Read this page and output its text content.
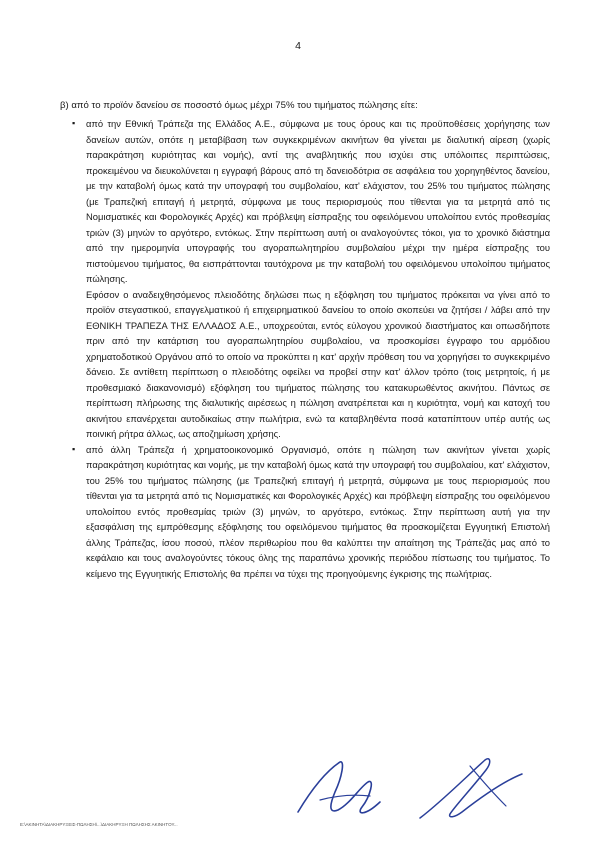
4
β) από το προϊόν δανείου σε ποσοστό όμως μέχρι 75% του τιμήματος πώλησης είτε:
▪ από την Εθνική Τράπεζα της Ελλάδος Α.Ε., σύμφωνα με τους όρους και τις προϋποθέσεις χορήγησης των δανείων αυτών, οπότε η μεταβίβαση των συγκεκριμένων ακινήτων θα γίνεται με διαλυτική αίρεση (χωρίς παρακράτηση κυριότητας και νομής), αντί της αναβλητικής που ισχύει στις υπόλοιπες περιπτώσεις, προκειμένου να διευκολύνεται η εγγραφή βάρους από τη δανειοδότρια σε ασφάλεια του χορηγηθέντος δανείου, με την καταβολή όμως κατά την υπογραφή του συμβολαίου, κατ' ελάχιστον, του 25% του τιμήματος πώλησης (με Τραπεζική επιταγή ή μετρητά, σύμφωνα με τους περιορισμούς που τίθενται για τα μετρητά από τις Νομισματικές και Φορολογικές Αρχές) και πρόβλεψη είσπραξης του οφειλόμενου υπολοίπου εντός προθεσμίας τριών (3) μηνών το αργότερο, εντόκως. Στην περίπτωση αυτή οι αναλογούντες τόκοι, για το χρονικό διάστημα από την ημερομηνία υπογραφής του αγοραπωλητηρίου συμβολαίου μέχρι την ημέρα είσπραξης του πιστούμενου τιμήματος, θα εισπράττονται ταυτόχρονα με την καταβολή του οφειλόμενου υπολοίπου τιμήματος πώλησης.

Εφόσον ο αναδειχθησόμενος πλειοδότης δηλώσει πως η εξόφληση του τιμήματος πρόκειται να γίνει από το προϊόν στεγαστικού, επαγγελματικού ή επιχειρηματικού δανείου το οποίο σκοπεύει να ζητήσει / λάβει από την ΕΘΝΙΚΗ ΤΡΑΠΕΖΑ ΤΗΣ ΕΛΛΑΔΟΣ Α.Ε., υποχρεούται, εντός εύλογου χρονικού διαστήματος και οπωσδήποτε πριν από την κατάρτιση του αγοραπωλητηρίου συμβολαίου, να προσκομίσει έγγραφο του αρμόδιου χρηματοδοτικού Οργάνου από το οποίο να προκύπτει η κατ' αρχήν πρόθεση του να χορηγήσει το συγκεκριμένο δάνειο. Σε αντίθετη περίπτωση ο πλειοδότης οφείλει να προβεί στην κατ' άλλον τρόπο (τοις μετρητοίς, ή με προθεσμιακό διακανονισμό) εξόφληση του τιμήματος πώλησης του κατακυρωθέντος ακινήτου. Πάντως σε περίπτωση πλήρωσης της διαλυτικής αιρέσεως η πώληση ανατρέπεται και η κυριότητα, νομή και κατοχή του ακινήτου επανέρχεται αυτοδικαίως στην πωλήτρια, ενώ τα καταβληθέντα ποσά καταπίπτουν υπέρ αυτής ως ποινική ρήτρα άλλως, ως αποζημίωση χρήσης.

▪ από άλλη Τράπεζα ή χρηματοοικονομικό Οργανισμό, οπότε η πώληση των ακινήτων γίνεται χωρίς παρακράτηση κυριότητας και νομής, με την καταβολή όμως κατά την υπογραφή του συμβολαίου, κατ' ελάχιστον, του 25% του τιμήματος πώλησης (με Τραπεζική επιταγή ή μετρητά, σύμφωνα με τους περιορισμούς που τίθενται για τα μετρητά από τις Νομισματικές και Φορολογικές Αρχές) και πρόβλεψη είσπραξης του οφειλόμενου υπολοίπου εντός προθεσμίας τριών (3) μηνών, το αργότερο, εντόκως. Στην περίπτωση αυτή για την εξασφάλιση της εμπρόθεσμης εξόφλησης του οφειλόμενου τιμήματος θα προσκομίζεται Εγγυητική Επιστολή άλλης Τράπεζας, ίσου ποσού, πλέον περιθωρίου που θα καλύπτει την απαίτηση της Τράπεζάς μας από το κεφάλαιο και τους αναλογούντες τόκους όλης της παραπάνω χρονικής περιόδου πίστωσης του τιμήματος. Το κείμενο της Εγγυητικής Επιστολής θα πρέπει να τύχει της προηγούμενης έγκρισης της πωλήτριας.

E:\ΑΚΙΝΗΤΑ\ΔΙΑΚΗΡΥΞΕΙΣ-ΠΩΛΗΣΗ\...\ΔΙΑΚΗΡΥΞΗ ΠΩΛΗΣΗΣ ΑΚΙΝΗΤΟΥ...
